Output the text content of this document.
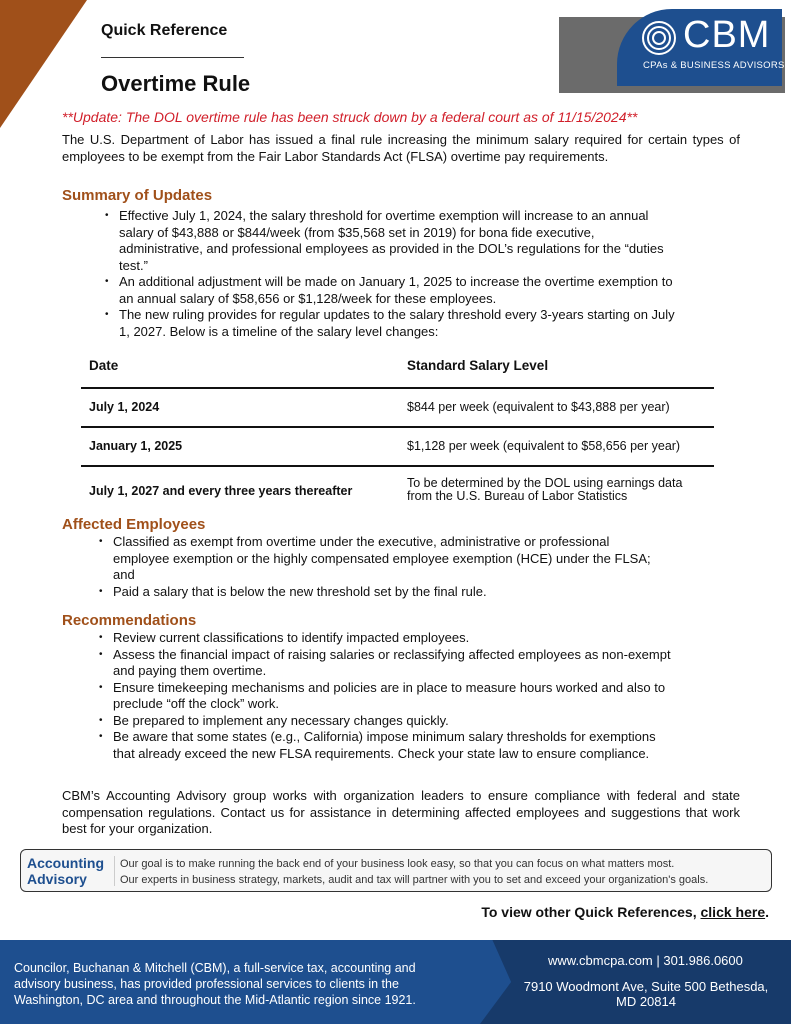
Quick Reference
Overtime Rule
CBM
CPAs & BUSINESS ADVISORS
**Update: The DOL overtime rule has been struck down by a federal court as of 11/15/2024**
The U.S. Department of Labor has issued a final rule increasing the minimum salary required for certain types of employees to be exempt from the Fair Labor Standards Act (FLSA) overtime pay requirements.
Summary of Updates
• Effective July 1, 2024, the salary threshold for overtime exemption will increase to an annual salary of $43,888 or $844/week (from $35,568 set in 2019) for bona fide executive, administrative, and professional employees as provided in the DOL’s regulations for the “duties test.”
• An additional adjustment will be made on January 1, 2025 to increase the overtime exemption to an annual salary of $58,656 or $1,128/week for these employees.
• The new ruling provides for regular updates to the salary threshold every 3-years starting on July 1, 2027. Below is a timeline of the salary level changes:
Date	Standard Salary Level
July 1, 2024	$844 per week (equivalent to $43,888 per year)
January 1, 2025	$1,128 per week (equivalent to $58,656 per year)
July 1, 2027 and every three years thereafter
To be determined by the DOL using earnings data
from the U.S. Bureau of Labor Statistics
Affected Employees
• Classified as exempt from overtime under the executive, administrative or professional employee exemption or the highly compensated employee exemption (HCE) under the FLSA; and
• Paid a salary that is below the new threshold set by the final rule.
Recommendations
• Review current classifications to identify impacted employees.
• Assess the financial impact of raising salaries or reclassifying affected employees as non-exempt and paying them overtime.
• Ensure timekeeping mechanisms and policies are in place to measure hours worked and also to preclude “off the clock” work.
• Be prepared to implement any necessary changes quickly.
• Be aware that some states (e.g., California) impose minimum salary thresholds for exemptions that already exceed the new FLSA requirements. Check your state law to ensure compliance.
CBM’s Accounting Advisory group works with organization leaders to ensure compliance with federal and state compensation regulations. Contact us for assistance in determining affected employees and suggestions that work best for your organization.
Accounting
Advisory
Our goal is to make running the back end of your business look easy, so that you can focus on what matters most.
Our experts in business strategy, markets, audit and tax will partner with you to set and exceed your organization's goals.
To view other Quick References, click here.
Councilor, Buchanan & Mitchell (CBM), a full-service tax, accounting and advisory business, has provided professional services to clients in the Washington, DC area and throughout the Mid-Atlantic region since 1921.
www.cbmcpa.com | 301.986.0600
7910 Woodmont Ave, Suite 500 Bethesda, MD 20814
